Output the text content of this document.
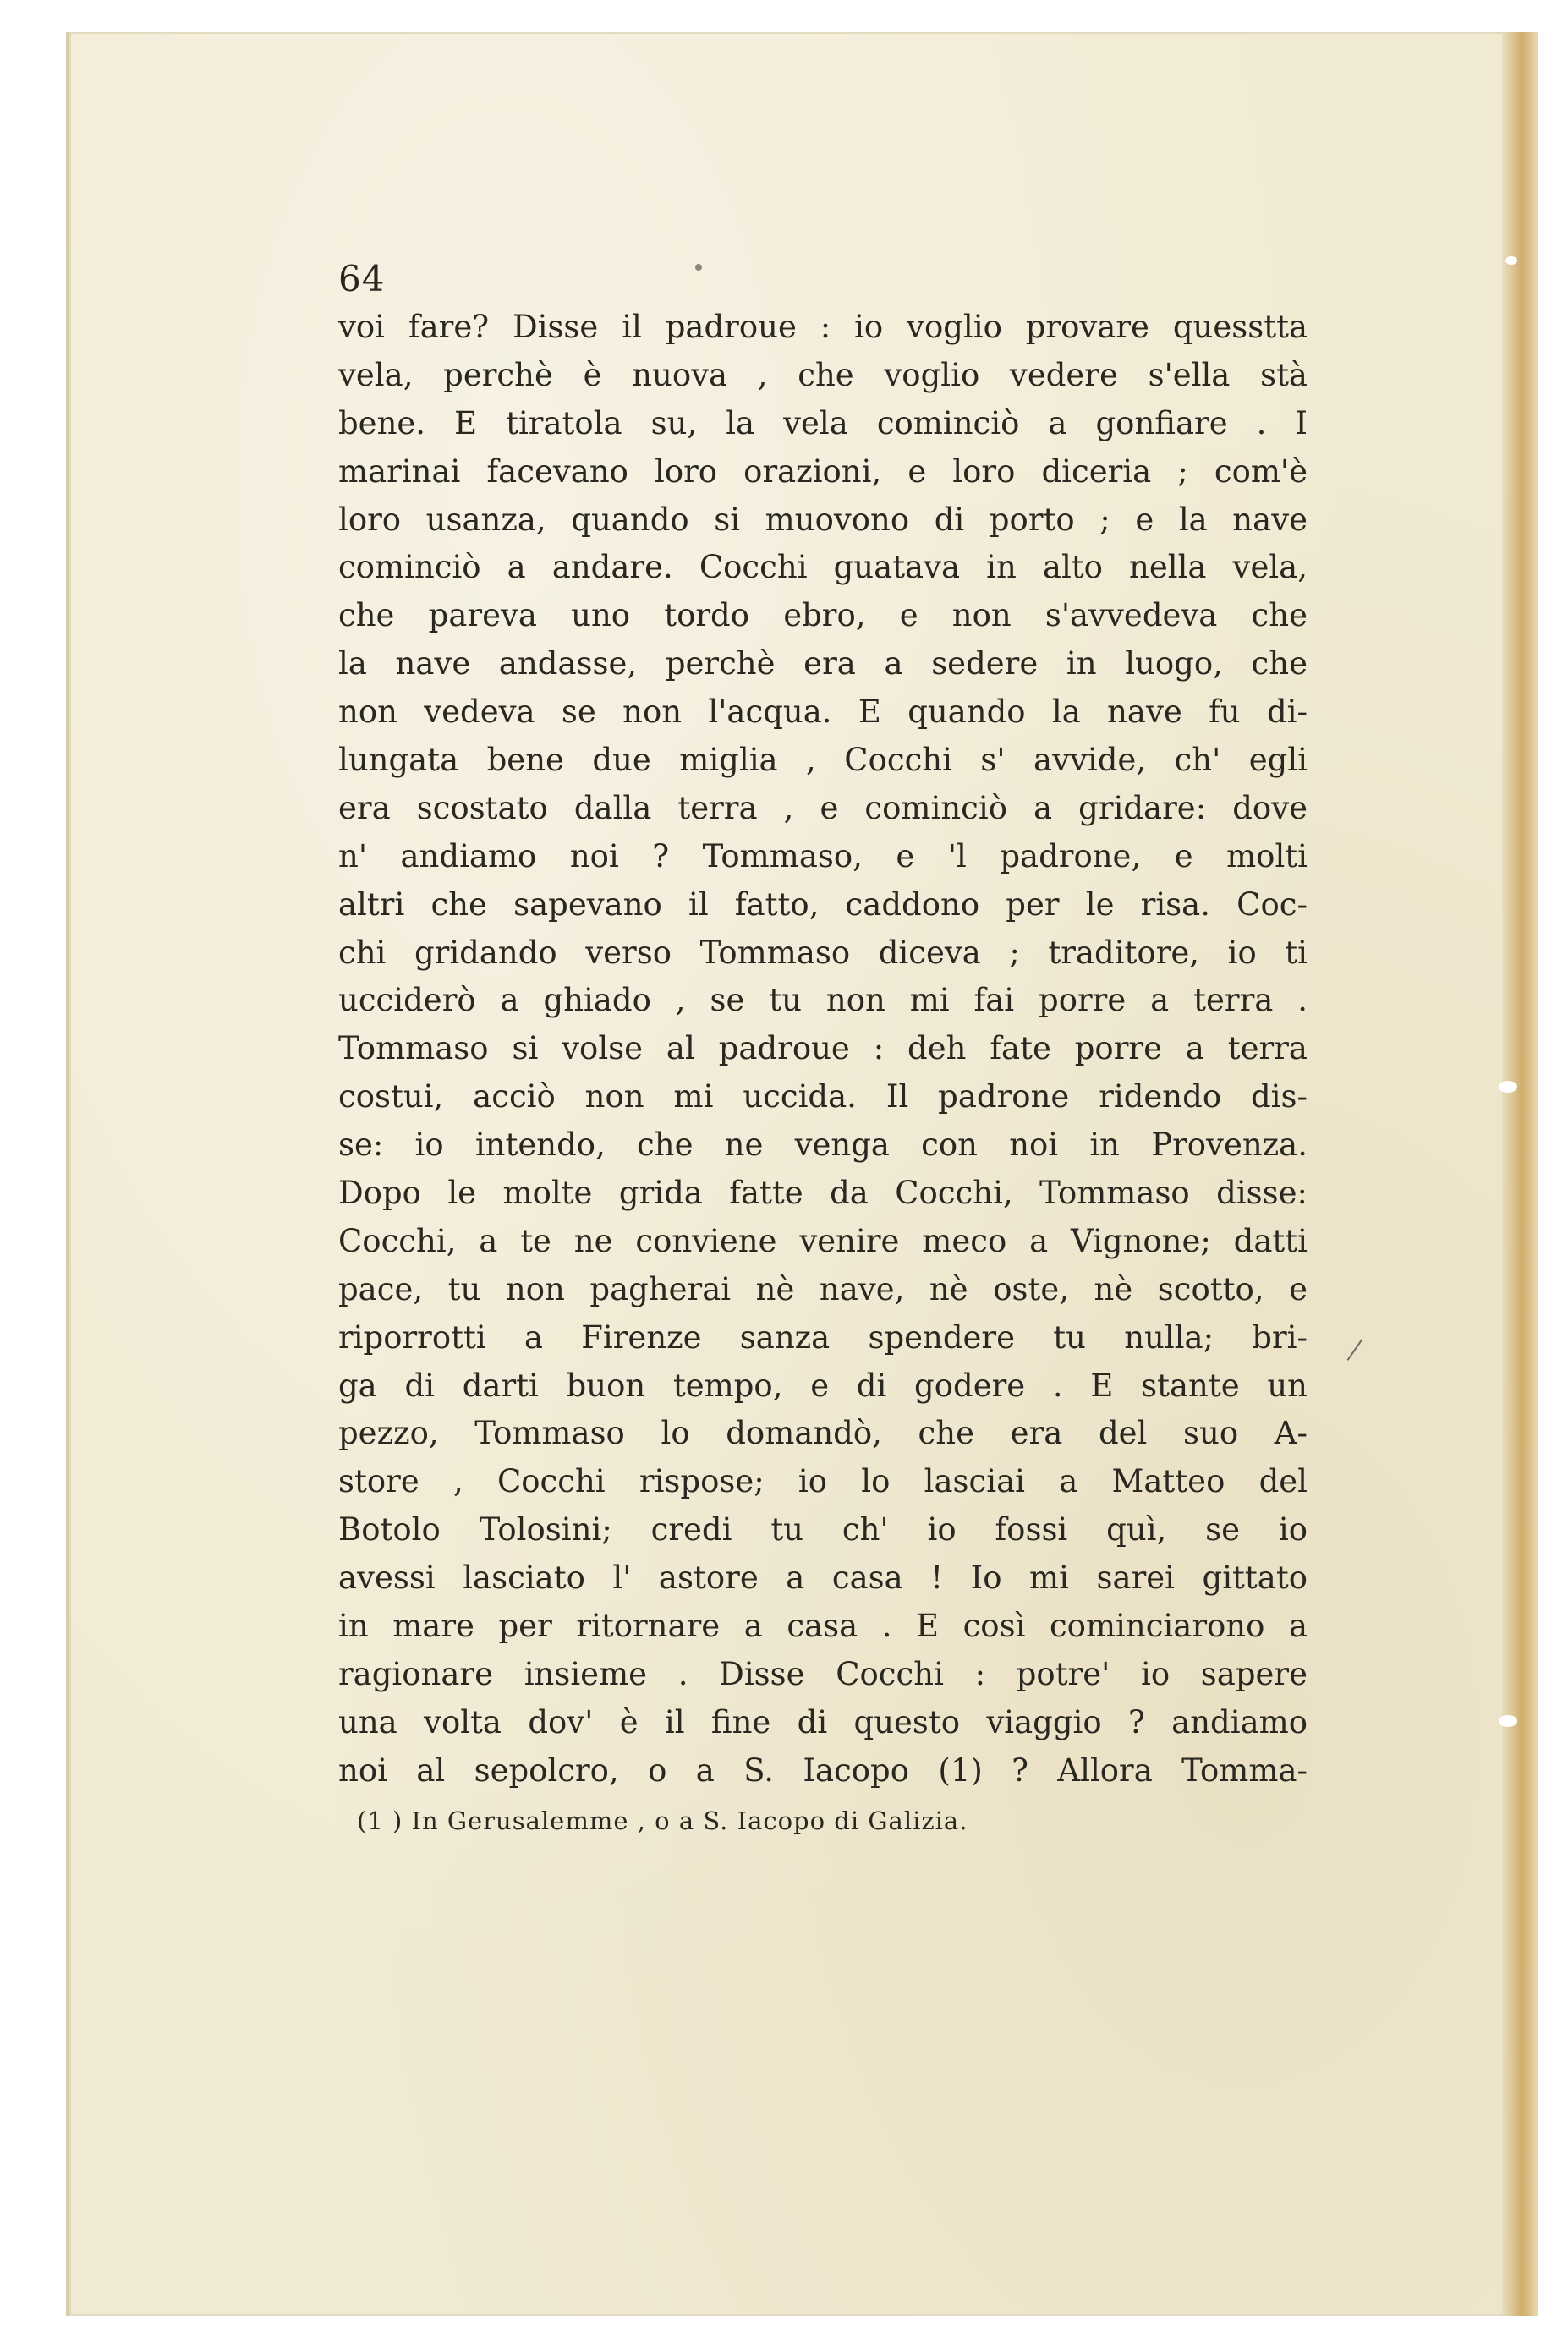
64
voi fare? Disse il padroue : io voglio provare quesstta
vela, perchè è nuova , che voglio vedere s'ella stà
bene. E tiratola su, la vela cominciò a gonfiare . I
marinai facevano loro orazioni, e loro diceria ; com'è
loro usanza, quando si muovono di porto ; e la nave
cominciò a andare. Cocchi guatava in alto nella vela,
che pareva uno tordo ebro, e non s'avvedeva che
la nave andasse, perchè era a sedere in luogo, che
non vedeva se non l'acqua. E quando la nave fu di-
lungata bene due miglia , Cocchi s' avvide, ch' egli
era scostato dalla terra , e cominciò a gridare: dove
n' andiamo noi ? Tommaso, e 'l padrone, e molti
altri che sapevano il fatto, caddono per le risa. Coc-
chi gridando verso Tommaso diceva ; traditore, io ti
ucciderò a ghiado , se tu non mi fai porre a terra .
Tommaso si volse al padroue : deh fate porre a terra
costui, acciò non mi uccida. Il padrone ridendo dis-
se: io intendo, che ne venga con noi in Provenza.
Dopo le molte grida fatte da Cocchi, Tommaso disse:
Cocchi, a te ne conviene venire meco a Vignone; datti
pace, tu non pagherai nè nave, nè oste, nè scotto, e
riporrotti a Firenze sanza spendere tu nulla; bri-
ga di darti buon tempo, e di godere . E stante un
pezzo, Tommaso lo domandò, che era del suo A-
store , Cocchi rispose; io lo lasciai a Matteo del
Botolo Tolosini; credi tu ch' io fossi quì, se io
avessi lasciato l' astore a casa ! Io mi sarei gittato
in mare per ritornare a casa . E così cominciarono a
ragionare insieme . Disse Cocchi : potre' io sapere
una volta dov' è il fine di questo viaggio ? andiamo
noi al sepolcro, o a S. Iacopo (1) ? Allora Tomma-
(1 ) In Gerusalemme , o a S. Iacopo di Galizia.
